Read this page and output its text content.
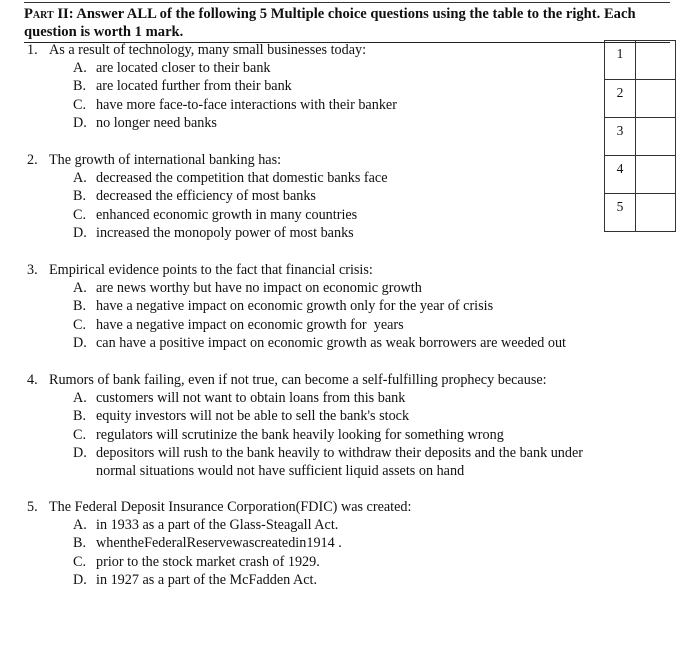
Part II: Answer ALL of the following 5 Multiple choice questions using the table to the right. Each question is worth 1 mark.
1	
2	
3	
4	
5	
1. As a result of technology, many small businesses today:
A. are located closer to their bank
B. are located further from their bank
C. have more face-to-face interactions with their banker
D. no longer need banks
2. The growth of international banking has:
A. decreased the competition that domestic banks face
B. decreased the efficiency of most banks
C. enhanced economic growth in many countries
D. increased the monopoly power of most banks
3. Empirical evidence points to the fact that financial crisis:
A. are news worthy but have no impact on economic growth
B. have a negative impact on economic growth only for the year of crisis
C. have a negative impact on economic growth for  years
D. can have a positive impact on economic growth as weak borrowers are weeded out
4. Rumors of bank failing, even if not true, can become a self-fulfilling prophecy because:
A. customers will not want to obtain loans from this bank
B. equity investors will not be able to sell the bank's stock
C. regulators will scrutinize the bank heavily looking for something wrong
D. depositors will rush to the bank heavily to withdraw their deposits and the bank under
normal situations would not have sufficient liquid assets on hand
5. The Federal Deposit Insurance Corporation(FDIC) was created:
A. in 1933 as a part of the Glass-Steagall Act.
B. whentheFederalReservewascreatedin1914 .
C. prior to the stock market crash of 1929.
D. in 1927 as a part of the McFadden Act.
